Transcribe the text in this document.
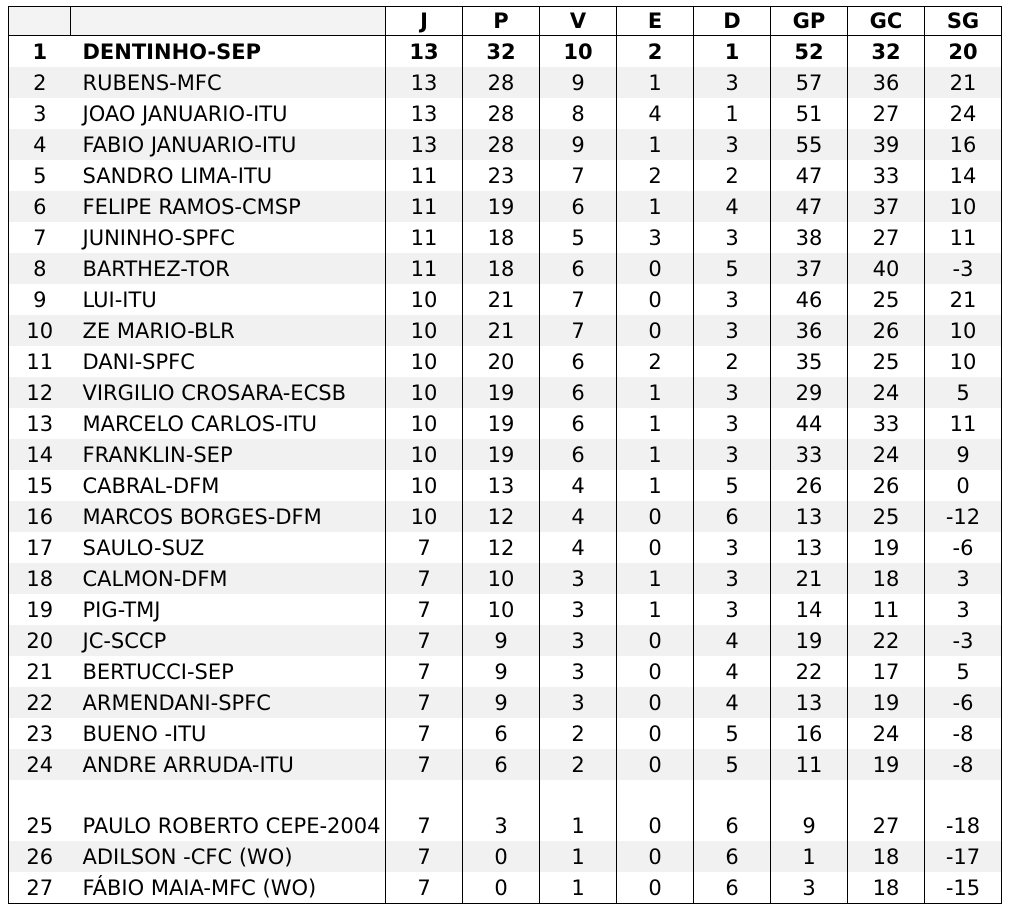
		J	P	V	E	D	GP	GC	SG
1	DENTINHO-SEP	13	32	10	2	1	52	32	20
2	RUBENS-MFC	13	28	9	1	3	57	36	21
3	JOAO JANUARIO-ITU	13	28	8	4	1	51	27	24
4	FABIO JANUARIO-ITU	13	28	9	1	3	55	39	16
5	SANDRO LIMA-ITU	11	23	7	2	2	47	33	14
6	FELIPE RAMOS-CMSP	11	19	6	1	4	47	37	10
7	JUNINHO-SPFC	11	18	5	3	3	38	27	11
8	BARTHEZ-TOR	11	18	6	0	5	37	40	-3
9	LUI-ITU	10	21	7	0	3	46	25	21
10	ZE MARIO-BLR	10	21	7	0	3	36	26	10
11	DANI-SPFC	10	20	6	2	2	35	25	10
12	VIRGILIO CROSARA-ECSB	10	19	6	1	3	29	24	5
13	MARCELO CARLOS-ITU	10	19	6	1	3	44	33	11
14	FRANKLIN-SEP	10	19	6	1	3	33	24	9
15	CABRAL-DFM	10	13	4	1	5	26	26	0
16	MARCOS BORGES-DFM	10	12	4	0	6	13	25	-12
17	SAULO-SUZ	7	12	4	0	3	13	19	-6
18	CALMON-DFM	7	10	3	1	3	21	18	3
19	PIG-TMJ	7	10	3	1	3	14	11	3
20	JC-SCCP	7	9	3	0	4	19	22	-3
21	BERTUCCI-SEP	7	9	3	0	4	22	17	5
22	ARMENDANI-SPFC	7	9	3	0	4	13	19	-6
23	BUENO -ITU	7	6	2	0	5	16	24	-8
24	ANDRE ARRUDA-ITU	7	6	2	0	5	11	19	-8
25	PAULO ROBERTO CEPE-2004	7	3	1	0	6	9	27	-18
26	ADILSON -CFC (WO)	7	0	1	0	6	1	18	-17
27	FÁBIO MAIA-MFC (WO)	7	0	1	0	6	3	18	-15
